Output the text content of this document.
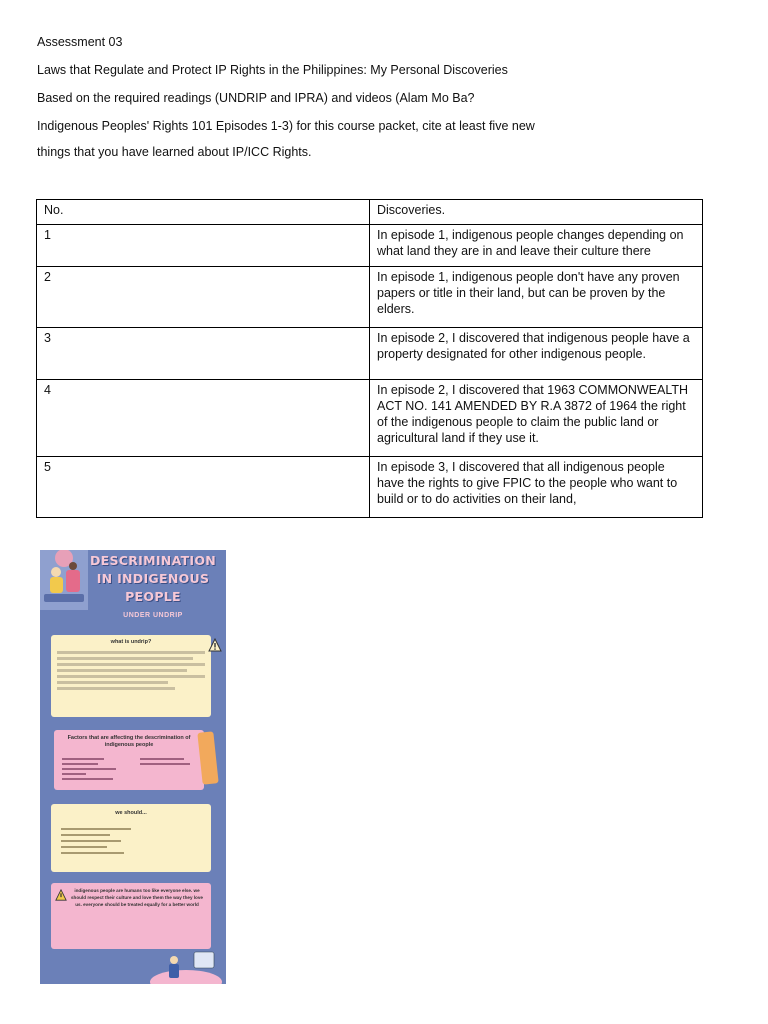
Assessment 03

Laws that Regulate and Protect IP Rights in the Philippines: My Personal Discoveries

Based on the required readings (UNDRIP and IPRA) and videos (Alam Mo Ba?

Indigenous Peoples' Rights 101 Episodes 1-3) for this course packet, cite at least five new

things that you have learned about IP/ICC Rights.

No.	Discoveries.
1	In episode 1, indigenous people changes depending on what land they are in and leave their culture there
2	In episode 1, indigenous people don't have any proven papers or title in their land, but can be proven by the elders.
3	In episode 2, I discovered that indigenous people have a property designated for other indigenous people.
4	In episode 2, I discovered that 1963 COMMONWEALTH ACT NO. 141 AMENDED BY R.A 3872 of 1964 the right of the indigenous people to claim the public land or agricultural land if they use it.
5	In episode 3, I discovered that all indigenous people have the rights to give FPIC to the people who want to build or to do activities on their land,
DESCRIMINATION
IN INDIGENOUS
PEOPLE
UNDER UNDRIP
what is undrip?
Factors that are affecting the descrimination of indigenous people
we should...
indigenous people are humans too like everyone else. we should respect their culture and love them the way they love us. everyone should be treated equally for a better world
